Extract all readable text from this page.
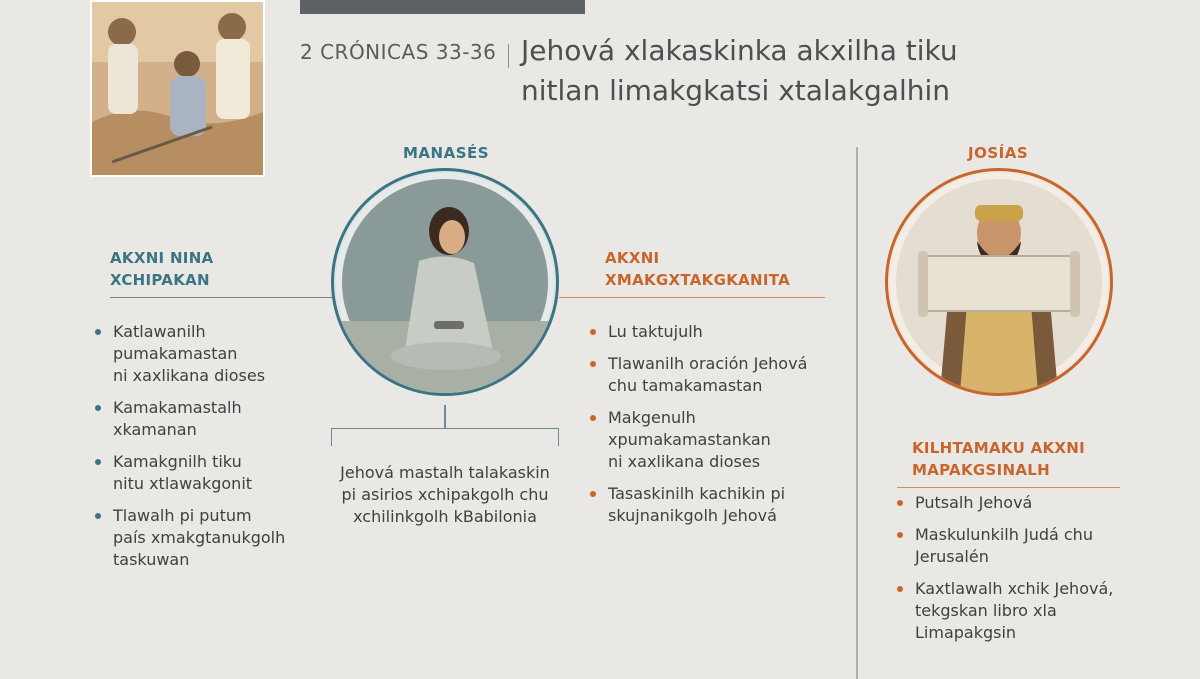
2 CRÓNICAS 33-36 Jehová xlakaskinka akxilha tiku
nitlan limakgkatsi xtalakgalhin
MANASÉS
AKXNI NINA
XCHIPAKAN
Katlawanilh
pumakamastan
ni xaxlikana dioses
Kamakamastalh
xkamanan
Kamakgnilh tiku
nitu xtlawakgonit
Tlawalh pi putum
país xmakgtanukgolh
taskuwan
AKXNI
XMAKGXTAKGKANITA
Lu taktujulh
Tlawanilh oración Jehová
chu tamakamastan
Makgenulh
xpumakamastankan
ni xaxlikana dioses
Tasaskinilh kachikin pi
skujnanikgolh Jehová
Jehová mastalh talakaskin
pi asirios xchipakgolh chu
xchilinkgolh kBabilonia
JOSÍAS
KILHTAMAKU AKXNI
MAPAKGSINALH
Putsalh Jehová
Maskulunkilh Judá chu
Jerusalén
Kaxtlawalh xchik Jehová,
tekgskan libro xla
Limapakgsin
